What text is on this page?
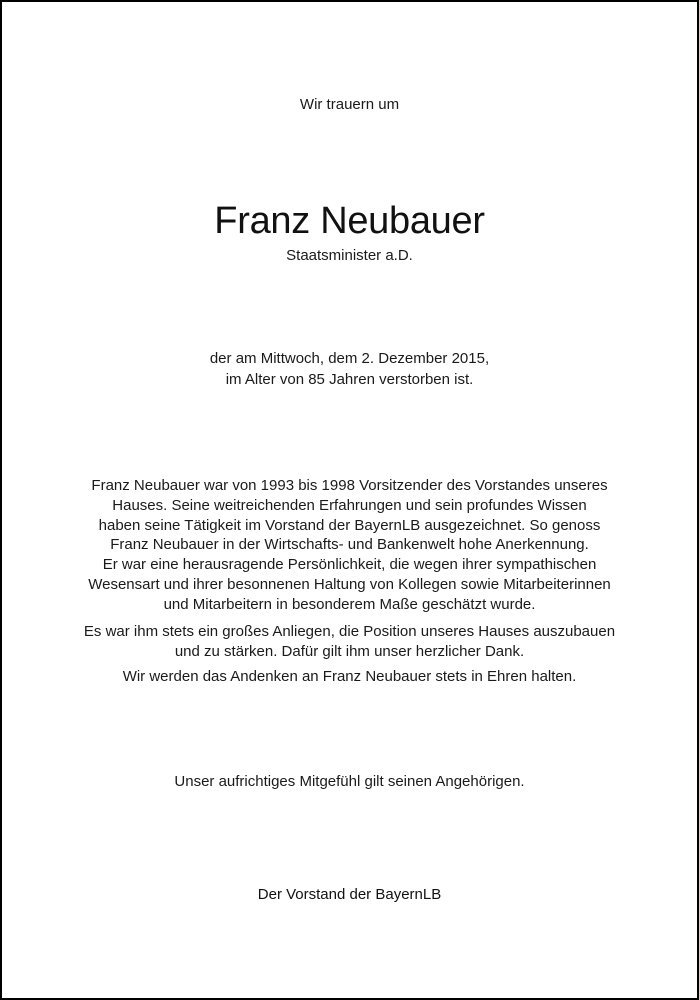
Wir trauern um

Franz Neubauer

Staatsminister a.D.

der am Mittwoch, dem 2. Dezember 2015,
im Alter von 85 Jahren verstorben ist.
Franz Neubauer war von 1993 bis 1998 Vorsitzender des Vorstandes unseres
Hauses. Seine weitreichenden Erfahrungen und sein profundes Wissen
haben seine Tätigkeit im Vorstand der BayernLB ausgezeichnet. So genoss
Franz Neubauer in der Wirtschafts- und Bankenwelt hohe Anerkennung.
Er war eine herausragende Persönlichkeit, die wegen ihrer sympathischen
Wesensart und ihrer besonnenen Haltung von Kollegen sowie Mitarbeiterinnen
und Mitarbeitern in besonderem Maße geschätzt wurde.
Es war ihm stets ein großes Anliegen, die Position unseres Hauses auszubauen
und zu stärken. Dafür gilt ihm unser herzlicher Dank.

Wir werden das Andenken an Franz Neubauer stets in Ehren halten.

Unser aufrichtiges Mitgefühl gilt seinen Angehörigen.

Der Vorstand der BayernLB
